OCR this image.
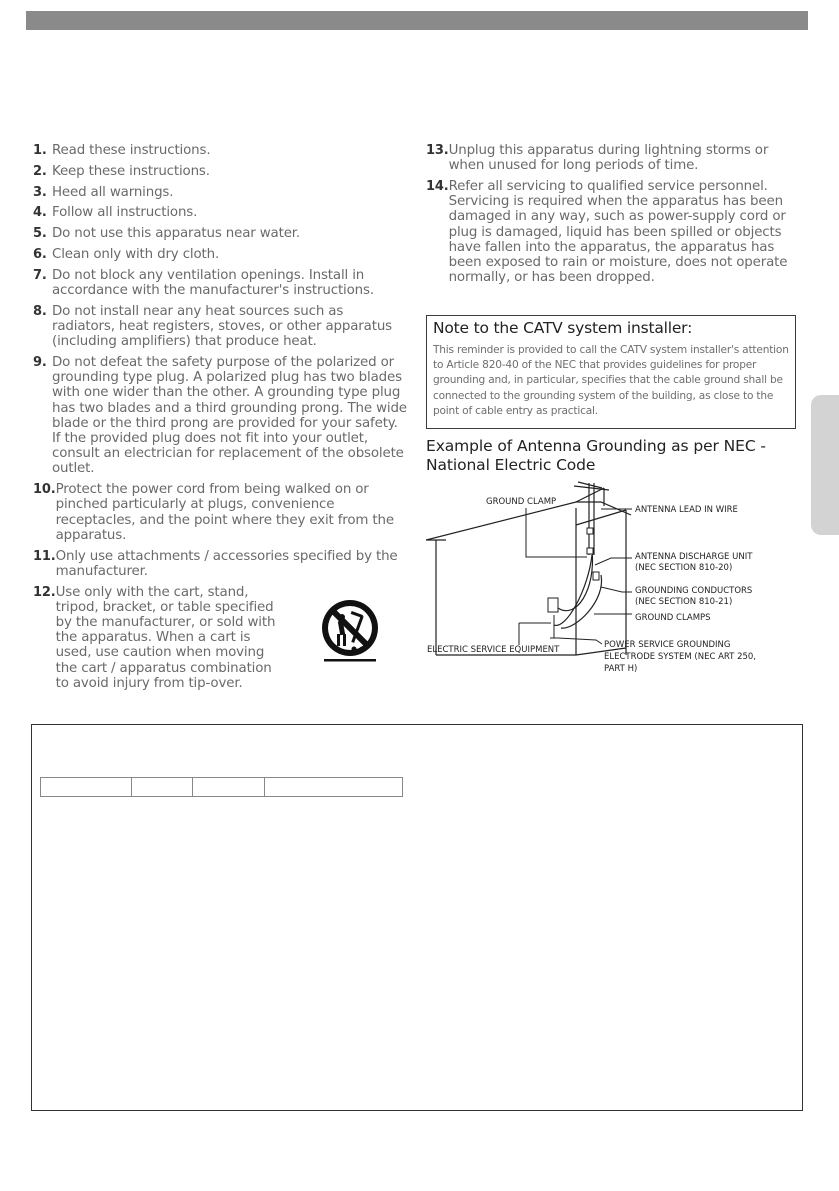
1. Read these instructions.
2. Keep these instructions.
3. Heed all warnings.
4. Follow all instructions.
5. Do not use this apparatus near water.
6. Clean only with dry cloth.
7. Do not block any ventilation openings. Install in accordance with the manufacturer's instructions.
8. Do not install near any heat sources such as radiators, heat registers, stoves, or other apparatus (including amplifiers) that produce heat.
9. Do not defeat the safety purpose of the polarized or grounding type plug. A polarized plug has two blades with one wider than the other. A grounding type plug has two blades and a third grounding prong. The wide blade or the third prong are provided for your safety. If the provided plug does not fit into your outlet, consult an electrician for replacement of the obsolete outlet.
10. Protect the power cord from being walked on or pinched particularly at plugs, convenience receptacles, and the point where they exit from the apparatus.
11. Only use attachments / accessories specified by the manufacturer.
12. Use only with the cart, stand, tripod, bracket, or table specified by the manufacturer, or sold with the apparatus. When a cart is used, use caution when moving the cart / apparatus combination to avoid injury from tip-over.
13. Unplug this apparatus during lightning storms or when unused for long periods of time.
14. Refer all servicing to qualified service personnel. Servicing is required when the apparatus has been damaged in any way, such as power-supply cord or plug is damaged, liquid has been spilled or objects have fallen into the apparatus, the apparatus has been exposed to rain or moisture, does not operate normally, or has been dropped.
Note to the CATV system installer:
This reminder is provided to call the CATV system installer's attention to Article 820-40 of the NEC that provides guidelines for proper grounding and, in particular, specifies that the cable ground shall be connected to the grounding system of the building, as close to the point of cable entry as practical.
Example of Antenna Grounding as per NEC - National Electric Code
GROUND CLAMP
ANTENNA LEAD IN WIRE
ANTENNA DISCHARGE UNIT
(NEC SECTION 810-20)
GROUNDING CONDUCTORS
(NEC SECTION 810-21)
GROUND CLAMPS
ELECTRIC SERVICE EQUIPMENT	POWER SERVICE GROUNDING
ELECTRODE SYSTEM (NEC ART 250,
PART H)
